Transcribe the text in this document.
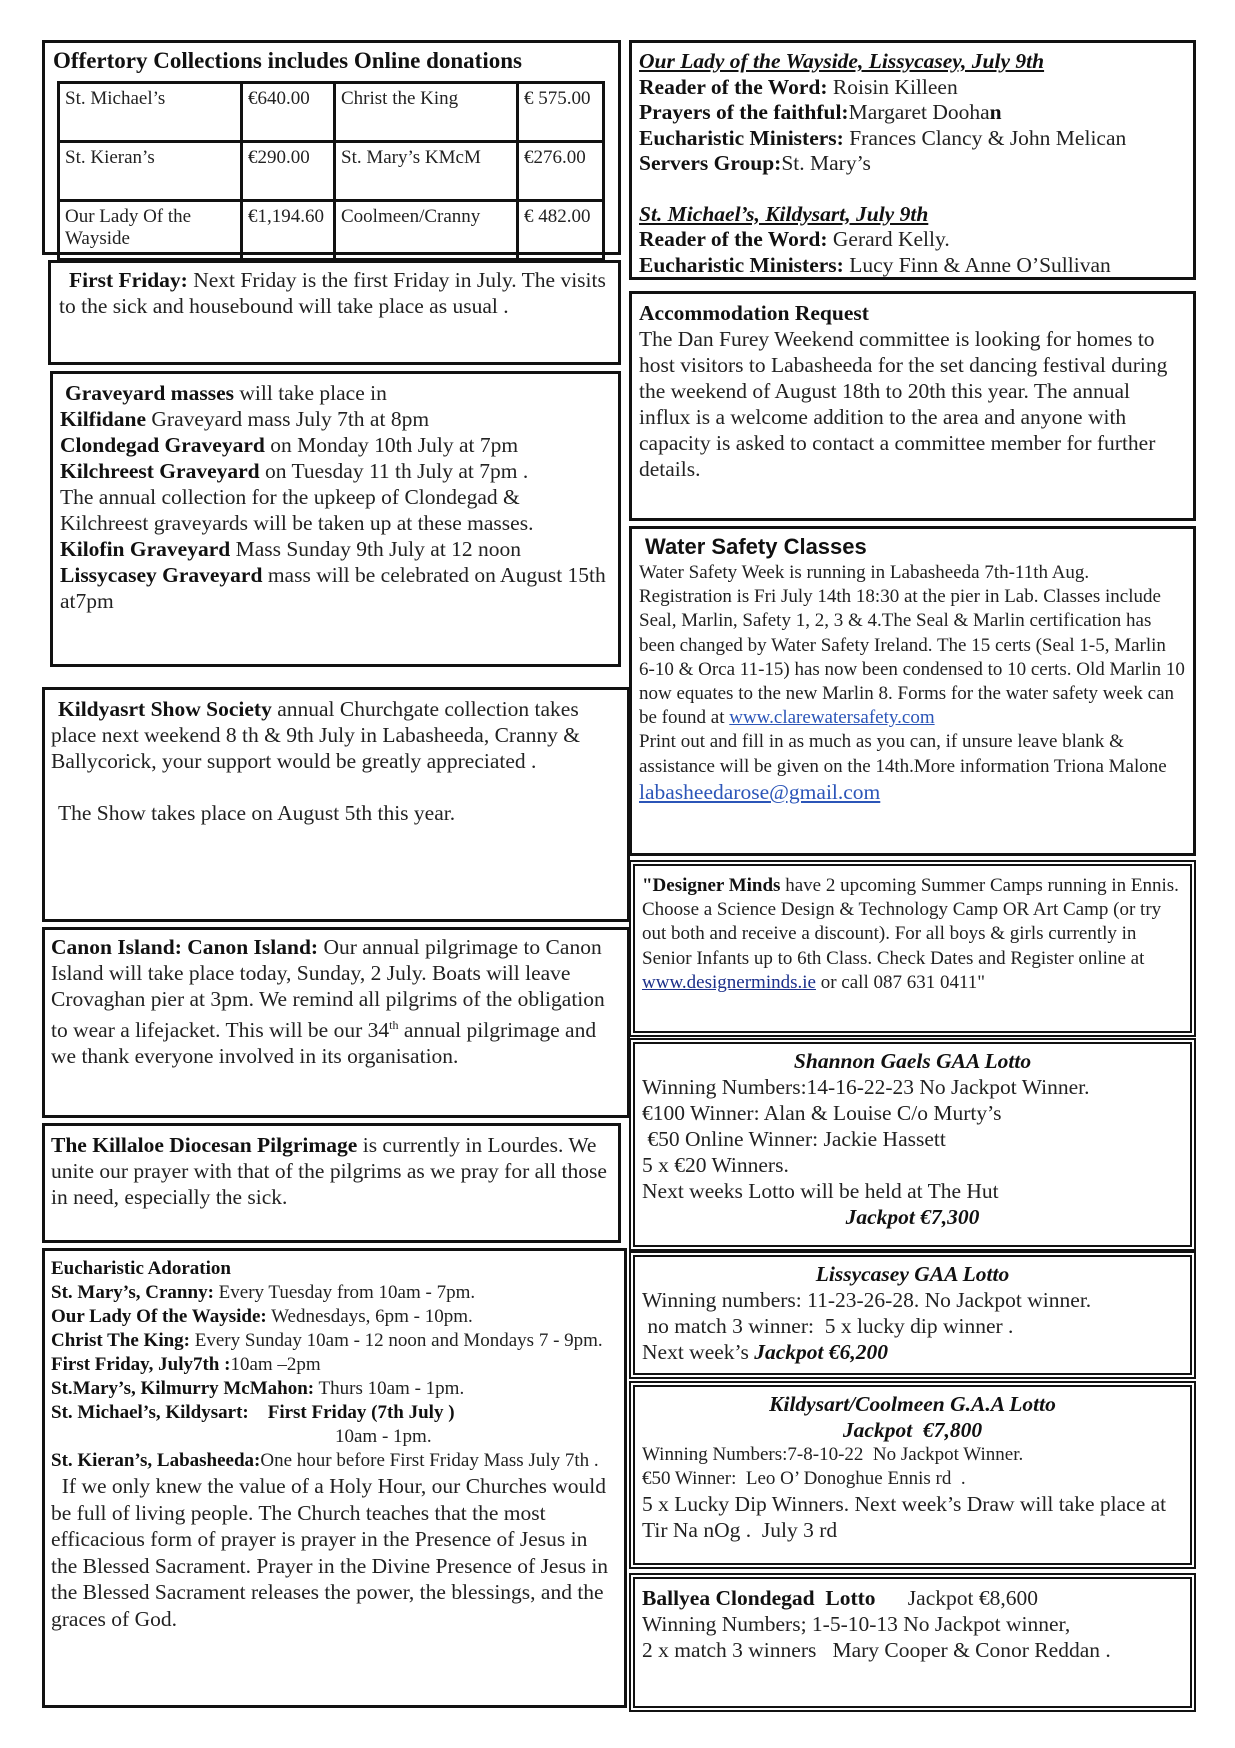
Offertory Collections includes Online donations
St. Michael’s	€640.00	Christ the King	€ 575.00
St. Kieran’s	€290.00	St. Mary’s KMcM	€276.00
Our Lady Of the Wayside	€1,194.60	Coolmeen/Cranny	€ 482.00
First Friday: Next Friday is the first Friday in July. The visits to the sick and housebound will take place as usual .
Graveyard masses will take place in
Kilfidane Graveyard mass July 7th at 8pm
Clondegad Graveyard on Monday 10th July at 7pm
Kilchreest Graveyard on Tuesday 11 th July at 7pm .
The annual collection for the upkeep of Clondegad & Kilchreest graveyards will be taken up at these masses.
Kilofin Graveyard Mass Sunday 9th July at 12 noon
Lissycasey Graveyard mass will be celebrated on August 15th at7pm
Kildyasrt Show Society annual Churchgate collection takes place next weekend 8 th & 9th July in Labasheeda, Cranny & Ballycorick, your support would be greatly appreciated .
The Show takes place on August 5th this year.
Canon Island: Canon Island: Our annual pilgrimage to Canon Island will take place today, Sunday, 2 July. Boats will leave Crovaghan pier at 3pm. We remind all pilgrims of the obligation to wear a lifejacket. This will be our 34th annual pilgrimage and we thank everyone involved in its organisation.
The Killaloe Diocesan Pilgrimage is currently in Lourdes. We unite our prayer with that of the pilgrims as we pray for all those in need, especially the sick.
Eucharistic Adoration
St. Mary’s, Cranny: Every Tuesday from 10am - 7pm.
Our Lady Of the Wayside: Wednesdays, 6pm - 10pm.
Christ The King: Every Sunday 10am - 12 noon and Mondays 7 - 9pm. First Friday, July7th :10am –2pm
St.Mary’s, Kilmurry McMahon: Thurs 10am - 1pm.
St. Michael’s, Kildysart:    First Friday (7th July )
10am - 1pm.
St. Kieran’s, Labasheeda:One hour before First Friday Mass July 7th .
If we only knew the value of a Holy Hour, our Churches would be full of living people. The Church teaches that the most efficacious form of prayer is prayer in the Presence of Jesus in the Blessed Sacrament. Prayer in the Divine Presence of Jesus in the Blessed Sacrament releases the power, the blessings, and the graces of God.
Our Lady of the Wayside, Lissycasey, July 9th
Reader of the Word: Roisin Killeen
Prayers of the faithful:Margaret Doohan
Eucharistic Ministers: Frances Clancy & John Melican
Servers Group:St. Mary’s
St. Michael’s, Kildysart, July 9th
Reader of the Word: Gerard Kelly.
Eucharistic Ministers: Lucy Finn & Anne O’Sullivan
Accommodation Request
The Dan Furey Weekend committee is looking for homes to host visitors to Labasheeda for the set dancing festival during the weekend of August 18th to 20th this year. The annual influx is a welcome addition to the area and anyone with capacity is asked to contact a committee member for further details.
Water Safety Classes
Water Safety Week is running in Labasheeda 7th-11th Aug. Registration is Fri July 14th 18:30 at the pier in Lab. Classes include Seal, Marlin, Safety 1, 2, 3 & 4.The Seal & Marlin certification has been changed by Water Safety Ireland. The 15 certs (Seal 1-5, Marlin 6-10 & Orca 11-15) has now been condensed to 10 certs. Old Marlin 10 now equates to the new Marlin 8. Forms for the water safety week can be found at www.clarewatersafety.com
Print out and fill in as much as you can, if unsure leave blank & assistance will be given on the 14th.More information Triona Malone
labasheedarose@gmail.com
"Designer Minds have 2 upcoming Summer Camps running in Ennis. Choose a Science Design & Technology Camp OR Art Camp (or try out both and receive a discount). For all boys & girls currently in Senior Infants up to 6th Class. Check Dates and Register online at www.designerminds.ie or call 087 631 0411"
Shannon Gaels GAA Lotto
Winning Numbers:14-16-22-23 No Jackpot Winner.
€100 Winner: Alan & Louise C/o Murty’s
€50 Online Winner: Jackie Hassett
5 x €20 Winners.
Next weeks Lotto will be held at The Hut
Jackpot €7,300
Lissycasey GAA Lotto
Winning numbers: 11-23-26-28. No Jackpot winner.
no match 3 winner:  5 x lucky dip winner .
Next week’s Jackpot €6,200
Kildysart/Coolmeen G.A.A Lotto
Jackpot  €7,800
Winning Numbers:7-8-10-22  No Jackpot Winner.
€50 Winner:  Leo O’ Donoghue Ennis rd  .
5 x Lucky Dip Winners. Next week’s Draw will take place at   Tir Na nOg .  July 3 rd
Ballyea Clondegad  Lotto Jackpot €8,600
Winning Numbers; 1-5-10-13 No Jackpot winner,
2 x match 3 winners   Mary Cooper & Conor Reddan .
